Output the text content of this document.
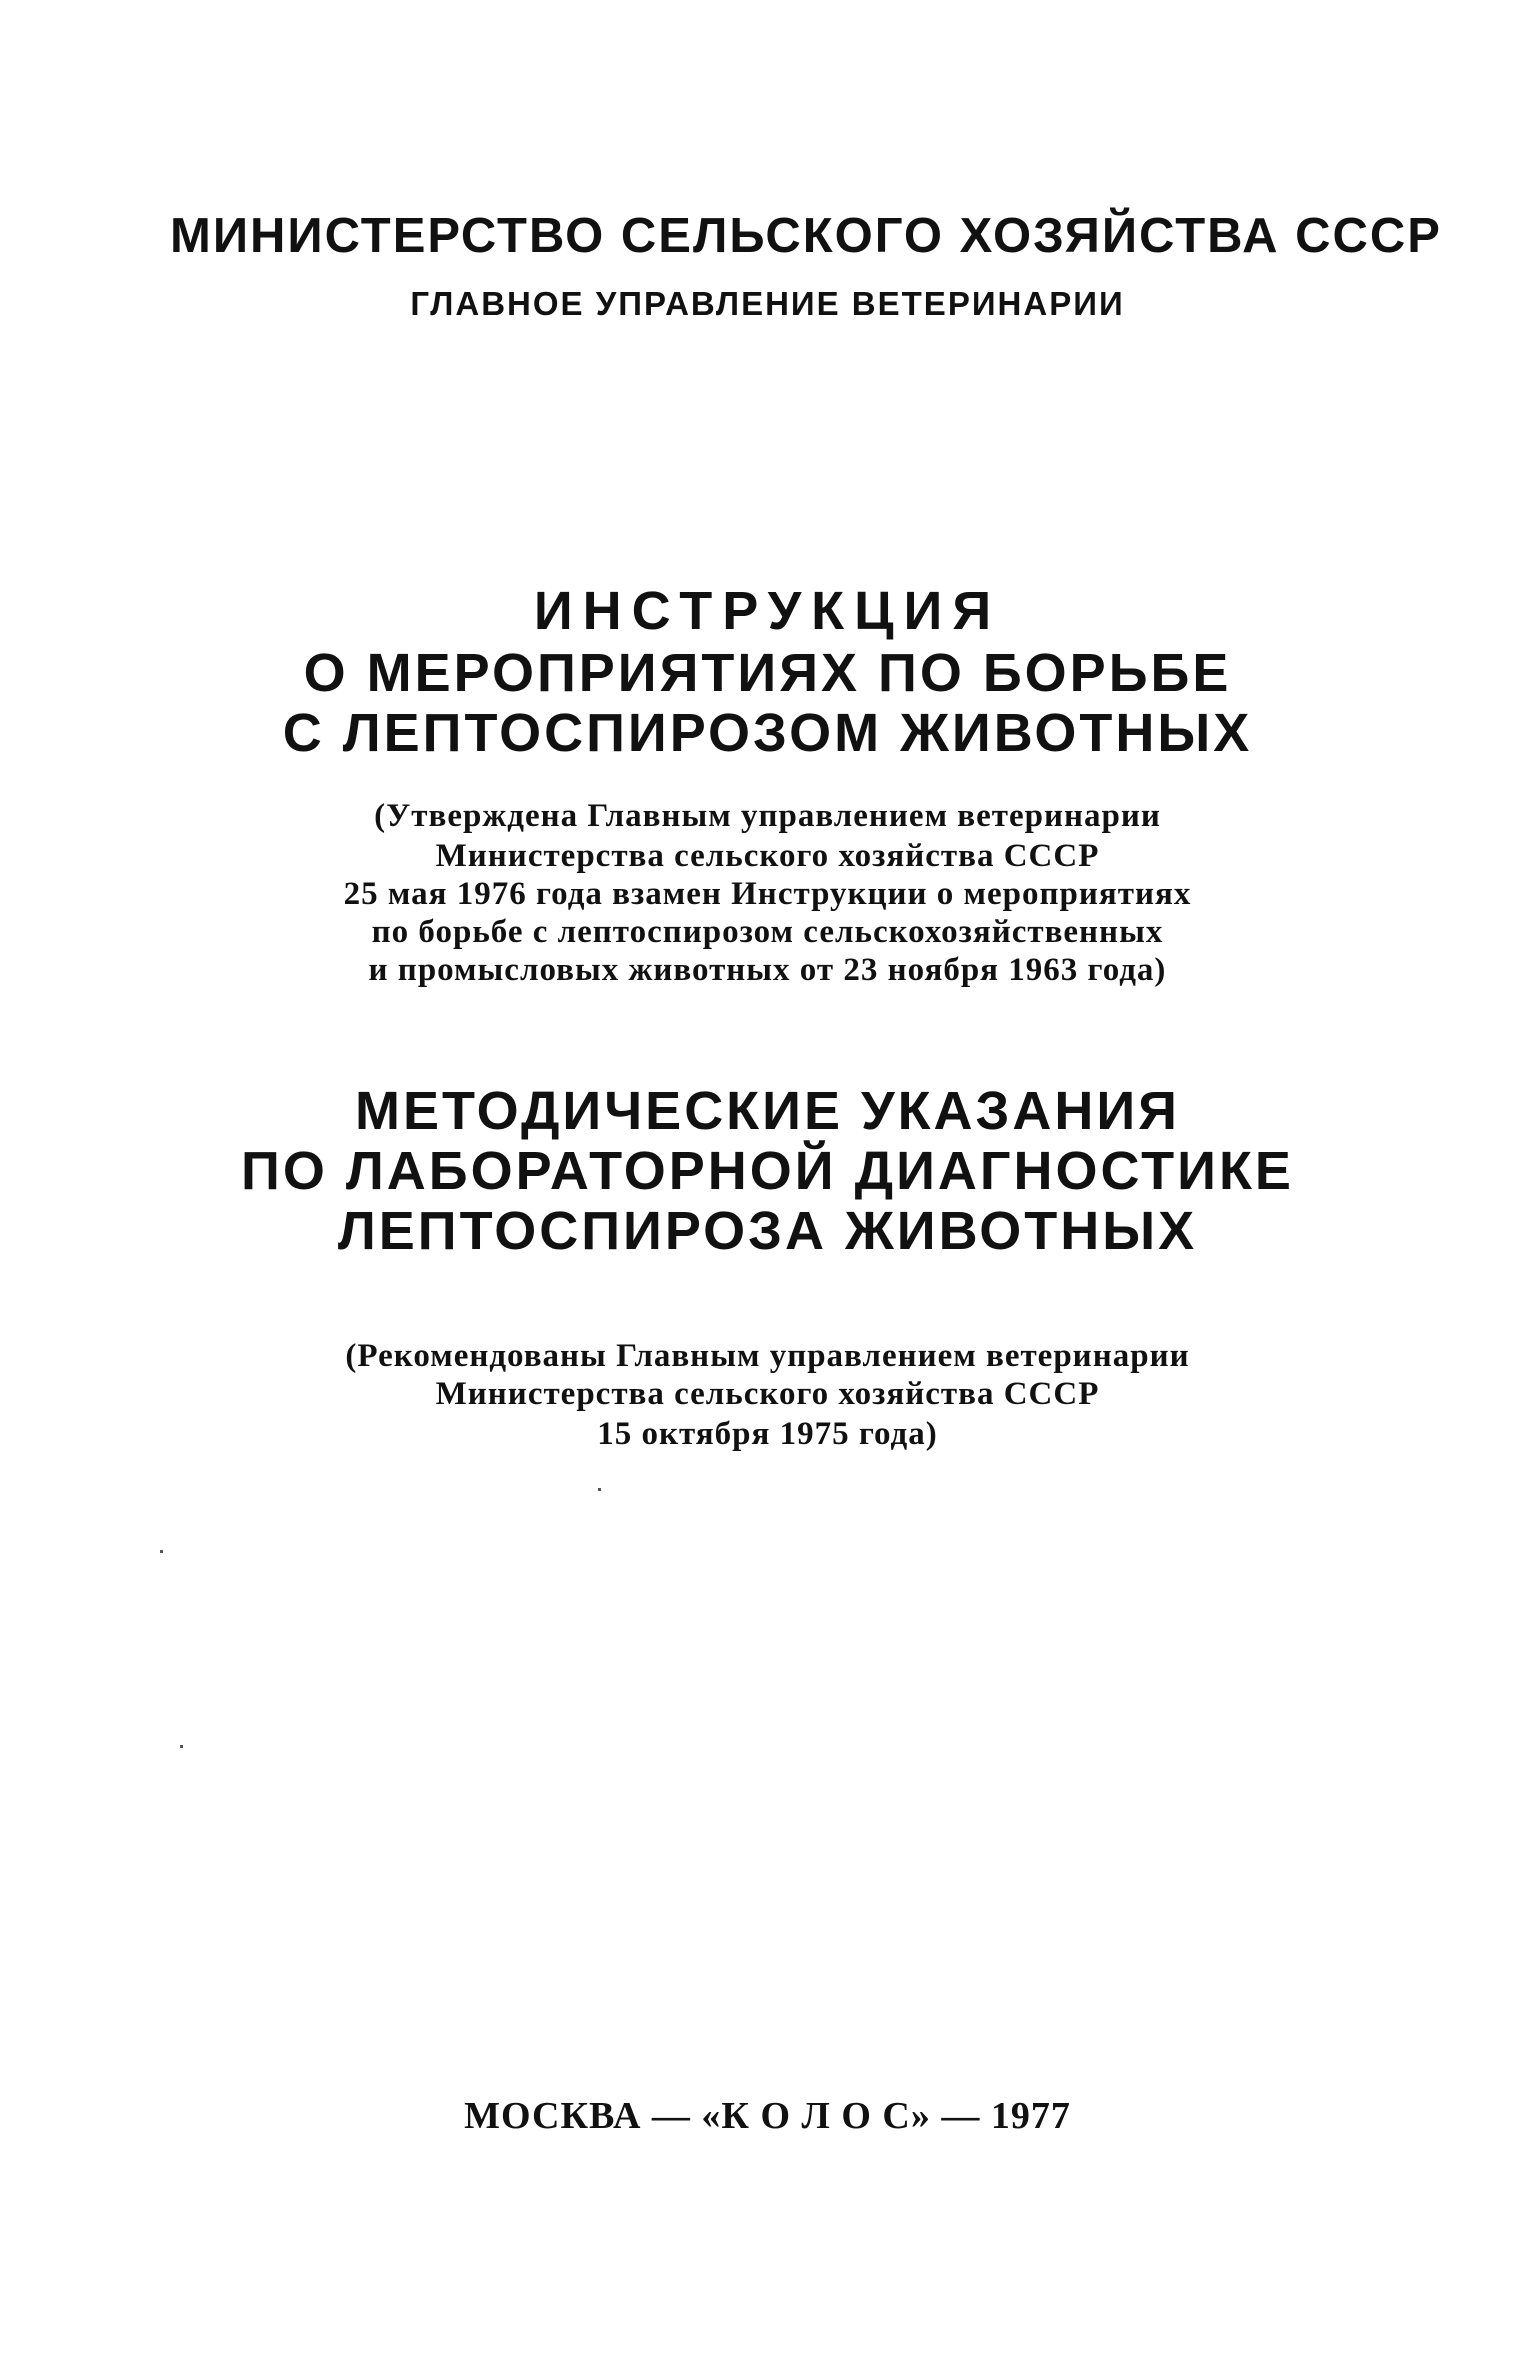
МИНИСТЕРСТВО СЕЛЬСКОГО ХОЗЯЙСТВА СССР
ГЛАВНОЕ УПРАВЛЕНИЕ ВЕТЕРИНАРИИ
ИНСТРУКЦИЯ
О МЕРОПРИЯТИЯХ ПО БОРЬБЕ
С ЛЕПТОСПИРОЗОМ ЖИВОТНЫХ
(Утверждена Главным управлением ветеринарии
Министерства сельского хозяйства СССР
25 мая 1976 года взамен Инструкции о мероприятиях
по борьбе с лептоспирозом сельскохозяйственных
и промысловых животных от 23 ноября 1963 года)
МЕТОДИЧЕСКИЕ УКАЗАНИЯ
ПО ЛАБОРАТОРНОЙ ДИАГНОСТИКЕ
ЛЕПТОСПИРОЗА ЖИВОТНЫХ
(Рекомендованы Главным управлением ветеринарии
Министерства сельского хозяйства СССР
15 октября 1975 года)
МОСКВА — «К О Л О С» — 1977
